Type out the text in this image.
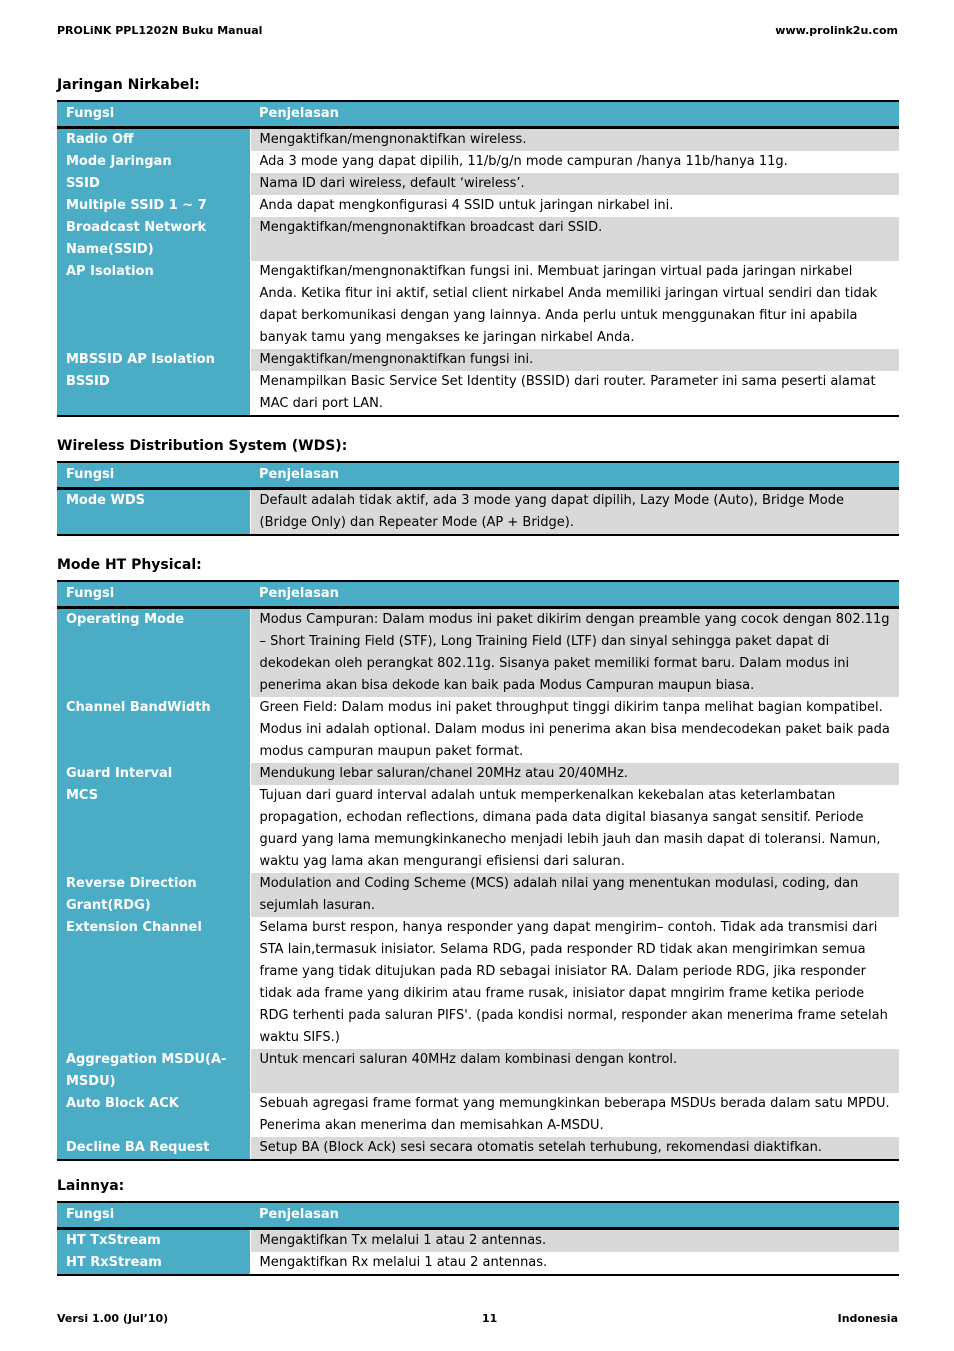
PROLiNK PPL1202N Buku Manual	www.prolink2u.com
Jaringan Nirkabel:
Fungsi	Penjelasan
Radio Off	Mengaktifkan/mengnonaktifkan wireless.
Mode Jaringan	Ada 3 mode yang dapat dipilih, 11/b/g/n mode campuran /hanya 11b/hanya 11g.
SSID	Nama ID dari wireless, default ‘wireless’.
Multiple SSID 1 ~ 7	Anda dapat mengkonfigurasi 4 SSID untuk jaringan nirkabel ini.
Broadcast Network Name(SSID)	Mengaktifkan/mengnonaktifkan broadcast dari SSID.
AP Isolation	Mengaktifkan/mengnonaktifkan fungsi ini. Membuat jaringan virtual pada jaringan nirkabel Anda. Ketika fitur ini aktif, setial client nirkabel Anda memiliki jaringan virtual sendiri dan tidak dapat berkomunikasi dengan yang lainnya. Anda perlu untuk menggunakan fitur ini apabila banyak tamu yang mengakses ke jaringan nirkabel Anda.
MBSSID AP Isolation	Mengaktifkan/mengnonaktifkan fungsi ini.
BSSID	Menampilkan Basic Service Set Identity (BSSID) dari router. Parameter ini sama peserti alamat MAC dari port LAN.
Wireless Distribution System (WDS):
Fungsi	Penjelasan
Mode WDS	Default adalah tidak aktif, ada 3 mode yang dapat dipilih, Lazy Mode (Auto), Bridge Mode (Bridge Only) dan Repeater Mode (AP + Bridge).
Mode HT Physical:
Fungsi	Penjelasan
Operating Mode	Modus Campuran: Dalam modus ini paket dikirim dengan preamble yang cocok dengan 802.11g – Short Training Field (STF), Long Training Field (LTF) dan sinyal sehingga paket dapat di dekodekan oleh perangkat 802.11g. Sisanya paket memiliki format baru. Dalam modus ini penerima akan bisa dekode kan baik pada Modus Campuran maupun biasa.
Channel BandWidth	Green Field: Dalam modus ini paket throughput tinggi dikirim tanpa melihat bagian kompatibel. Modus ini adalah optional. Dalam modus ini penerima akan bisa mendecodekan paket baik pada modus campuran maupun paket format.
Guard Interval	Mendukung lebar saluran/chanel 20MHz atau 20/40MHz.
MCS	Tujuan dari guard interval adalah untuk memperkenalkan kekebalan atas keterlambatan propagation, echodan reflections, dimana pada data digital biasanya sangat sensitif. Periode guard yang lama memungkinkanecho menjadi lebih jauh dan masih dapat di toleransi. Namun, waktu yag lama akan mengurangi efisiensi dari saluran.
Reverse Direction Grant(RDG)	Modulation and Coding Scheme (MCS) adalah nilai yang menentukan modulasi, coding, dan sejumlah lasuran.
Extension Channel	Selama burst respon, hanya responder yang dapat mengirim– contoh. Tidak ada transmisi dari STA lain,termasuk inisiator. Selama RDG, pada responder RD tidak akan mengirimkan semua frame yang tidak ditujukan pada RD sebagai inisiator RA. Dalam periode RDG, jika responder tidak ada frame yang dikirim atau frame rusak, inisiator dapat mngirim frame ketika periode RDG terhenti pada saluran PIFS'. (pada kondisi normal, responder akan menerima frame setelah waktu SIFS.)
Aggregation MSDU(A-MSDU)	Untuk mencari saluran 40MHz dalam kombinasi dengan kontrol.
Auto Block ACK	Sebuah agregasi frame format yang memungkinkan beberapa MSDUs berada dalam satu MPDU. Penerima akan menerima dan memisahkan A-MSDU.
Decline BA Request	Setup BA (Block Ack) sesi secara otomatis setelah terhubung, rekomendasi diaktifkan.
Lainnya:
Fungsi	Penjelasan
HT TxStream	Mengaktifkan Tx melalui 1 atau 2 antennas.
HT RxStream	Mengaktifkan Rx melalui 1 atau 2 antennas.
Versi 1.00 (Jul’10)	11	Indonesia
